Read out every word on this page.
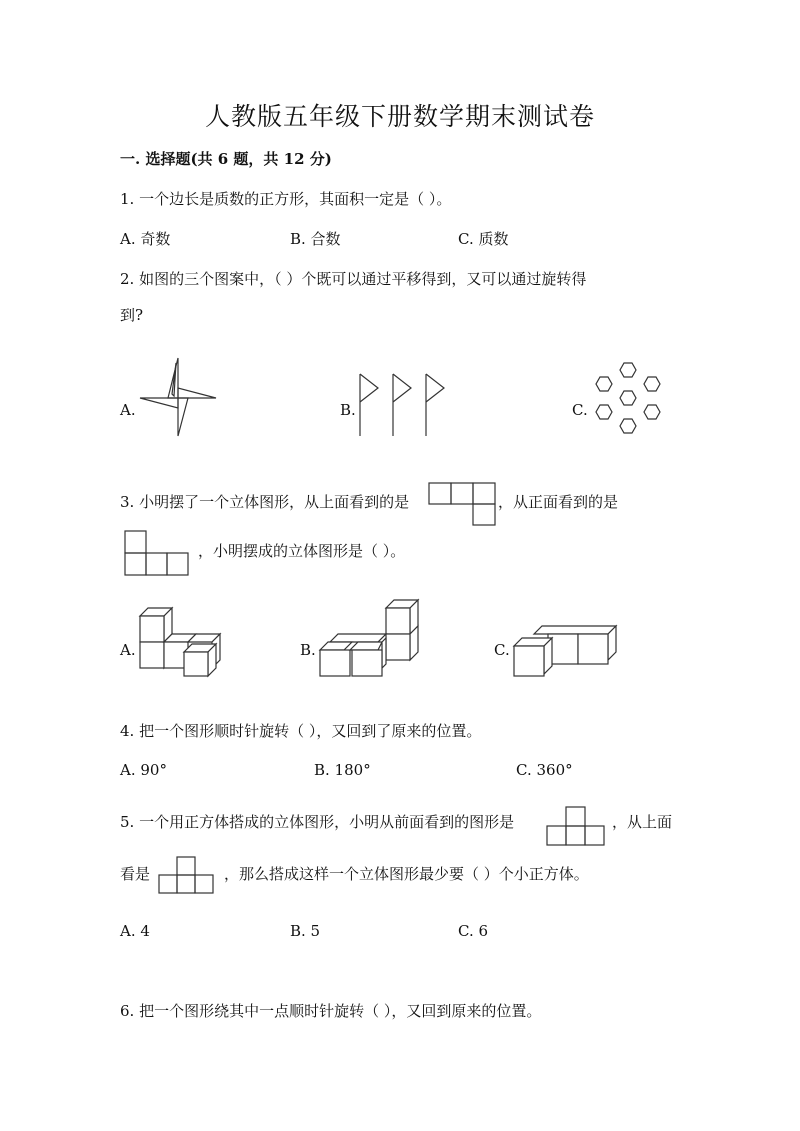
人教版五年级下册数学期末测试卷
一. 选择题(共 6 题，共 12 分)
1. 一个边长是质数的正方形，其面积一定是（ ）。
A. 奇数	B. 合数	C. 质数
2. 如图的三个图案中，（ ）个既可以通过平移得到，又可以通过旋转得
到?
A.	B.	C.
3. 小明摆了一个立体图形，从上面看到的是	，从正面看到的是
，小明摆成的立体图形是（ ）。
A.	B.	C.
4. 把一个图形顺时针旋转（ ），又回到了原来的位置。
A. 90°	B. 180°	C. 360°
5. 一个用正方体搭成的立体图形，小明从前面看到的图形是	，从上面
看是	，那么搭成这样一个立体图形最少要（ ）个小正方体。
A. 4	B. 5	C. 6
6. 把一个图形绕其中一点顺时针旋转（ ），又回到原来的位置。
